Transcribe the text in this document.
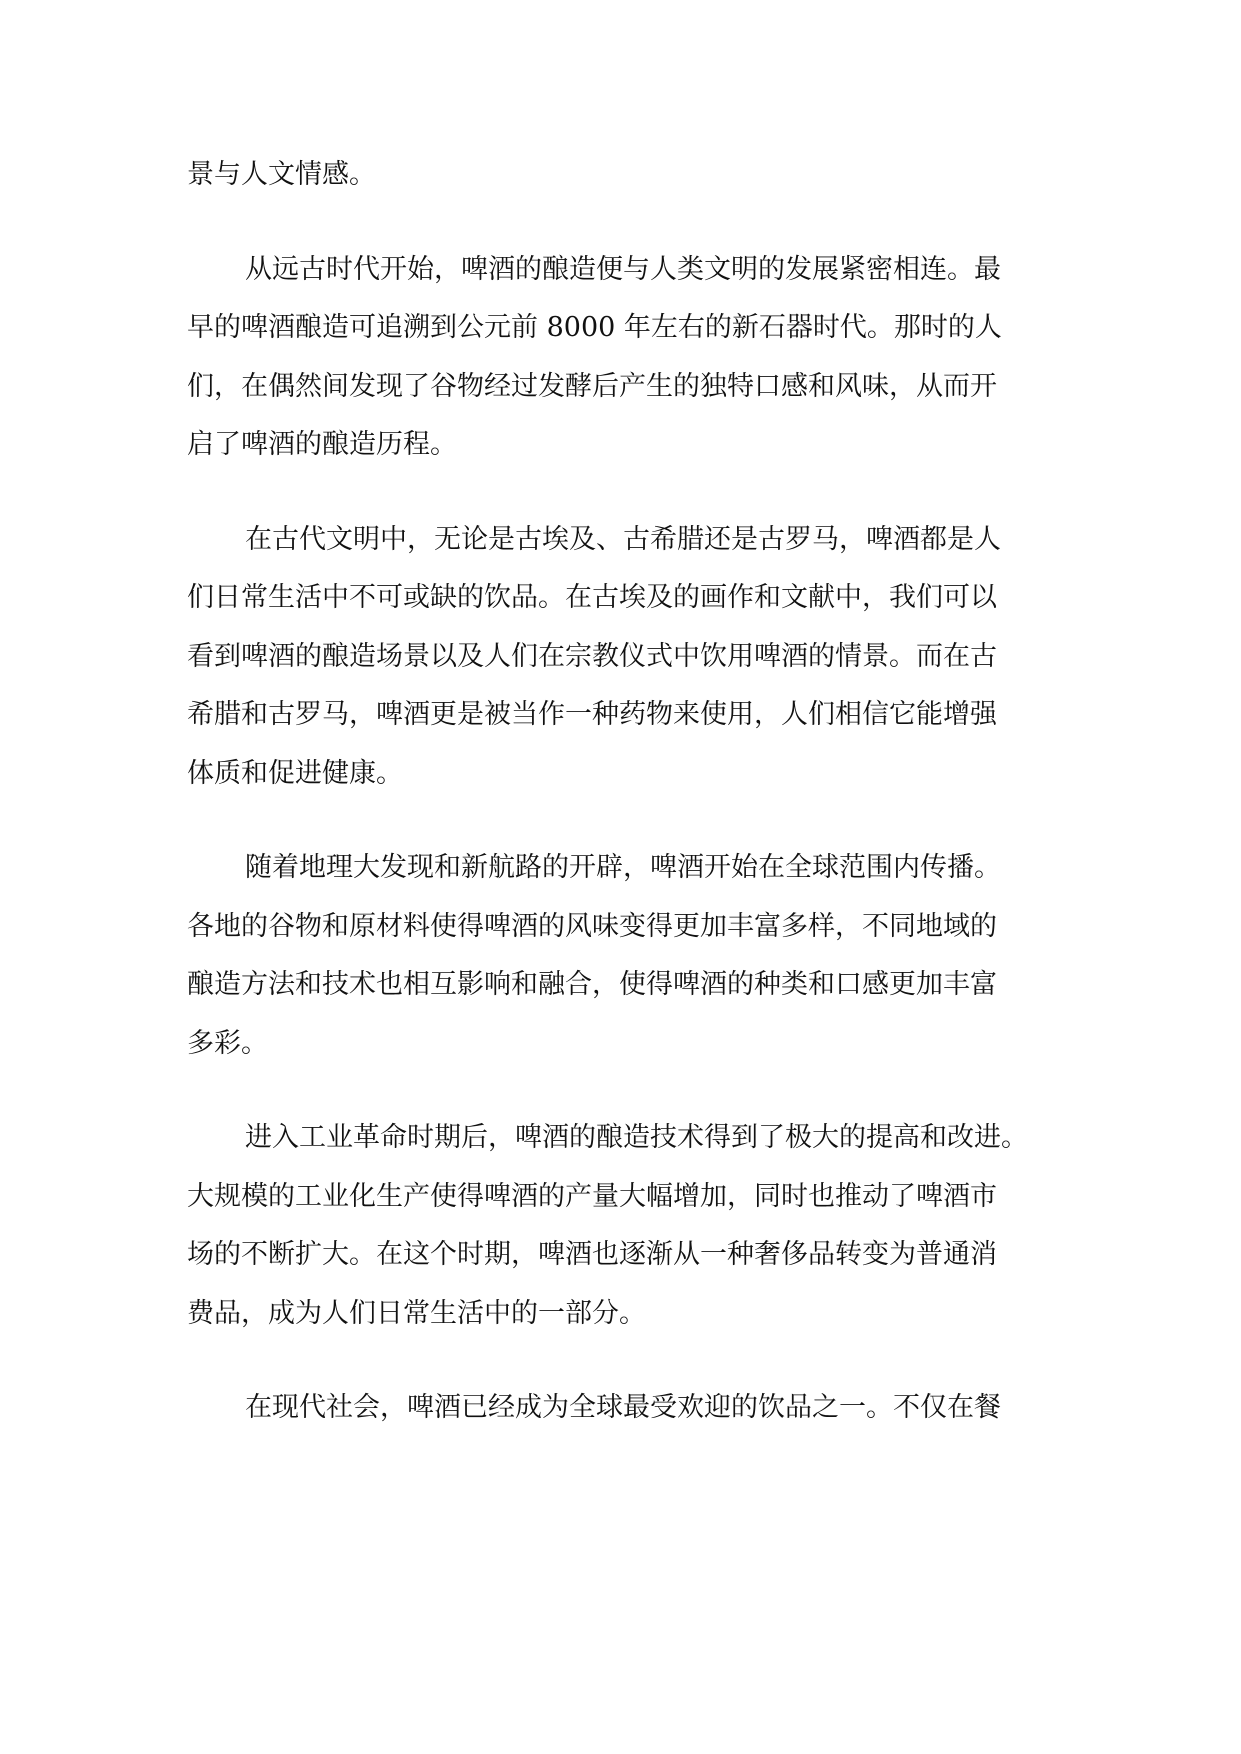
景与人文情感。
从远古时代开始，啤酒的酿造便与人类文明的发展紧密相连。最
早的啤酒酿造可追溯到公元前 8000 年左右的新石器时代。那时的人
们，在偶然间发现了谷物经过发酵后产生的独特口感和风味，从而开
启了啤酒的酿造历程。
在古代文明中，无论是古埃及、古希腊还是古罗马，啤酒都是人
们日常生活中不可或缺的饮品。在古埃及的画作和文献中，我们可以
看到啤酒的酿造场景以及人们在宗教仪式中饮用啤酒的情景。而在古
希腊和古罗马，啤酒更是被当作一种药物来使用，人们相信它能增强
体质和促进健康。
随着地理大发现和新航路的开辟，啤酒开始在全球范围内传播。
各地的谷物和原材料使得啤酒的风味变得更加丰富多样，不同地域的
酿造方法和技术也相互影响和融合，使得啤酒的种类和口感更加丰富
多彩。
进入工业革命时期后，啤酒的酿造技术得到了极大的提高和改进。
大规模的工业化生产使得啤酒的产量大幅增加，同时也推动了啤酒市
场的不断扩大。在这个时期，啤酒也逐渐从一种奢侈品转变为普通消
费品，成为人们日常生活中的一部分。
在现代社会，啤酒已经成为全球最受欢迎的饮品之一。不仅在餐
